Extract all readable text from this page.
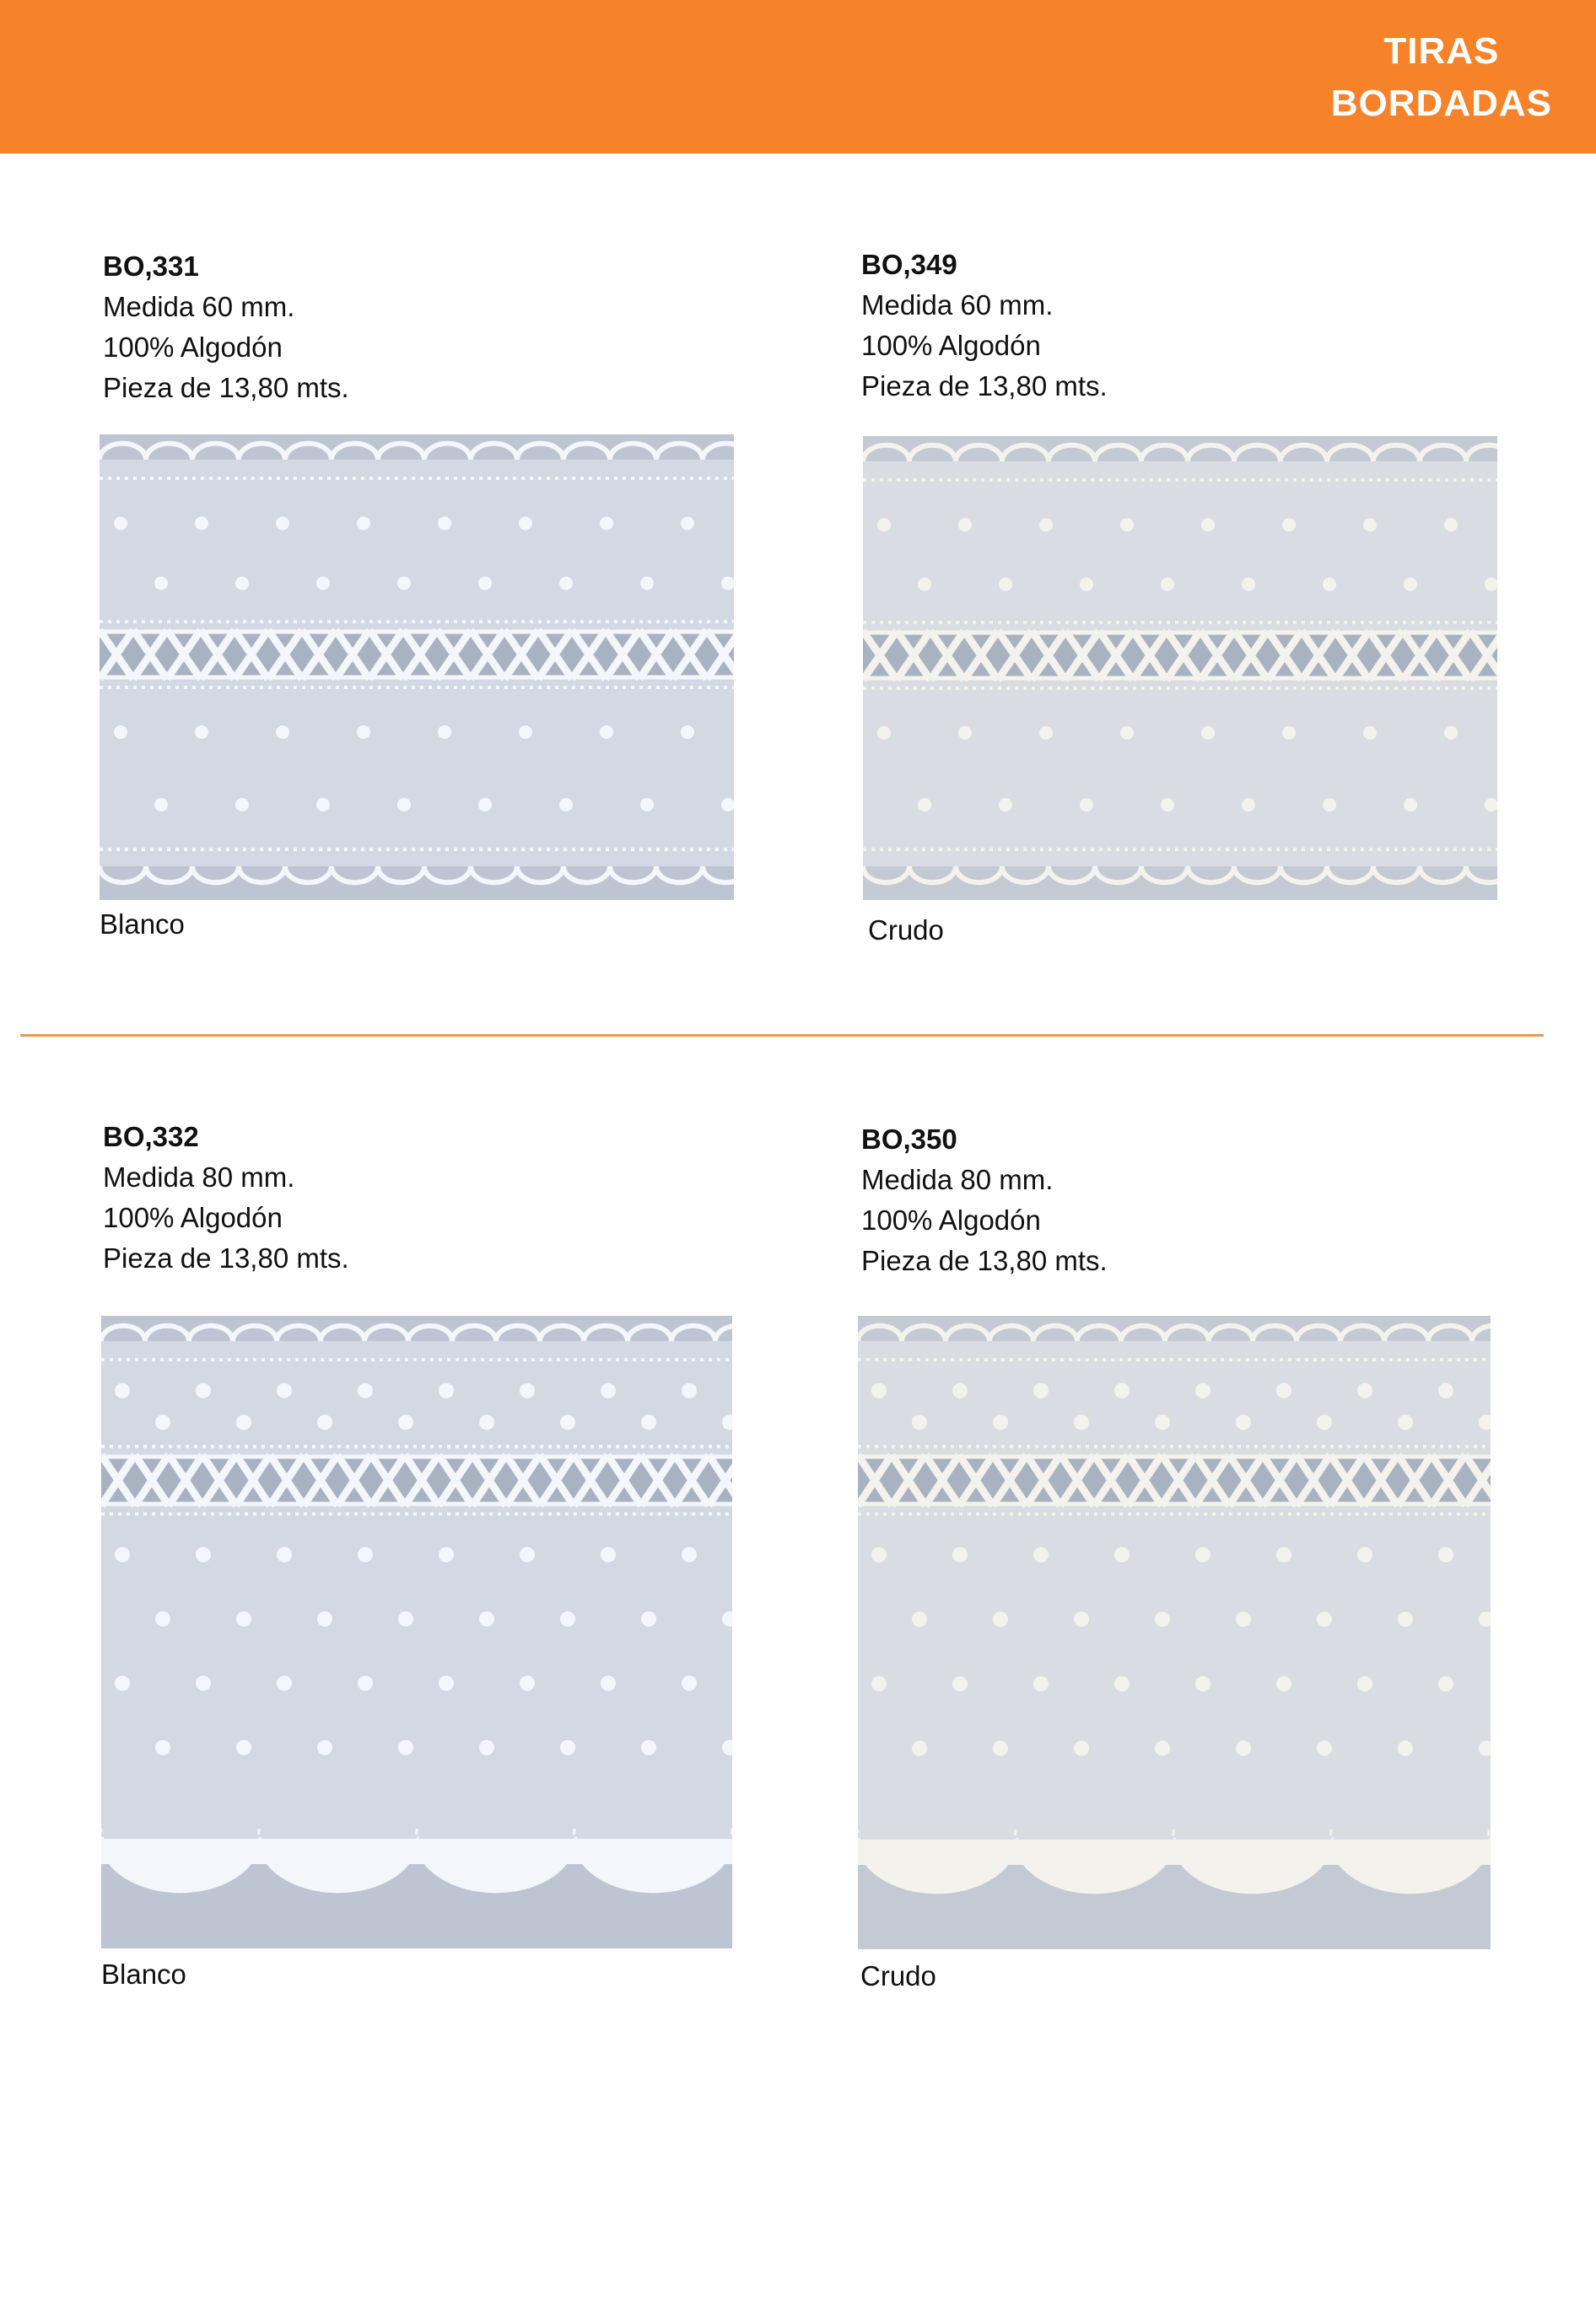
TIRAS
BORDADAS
BO,331
Medida 60 mm.
100% Algodón
Pieza de 13,80 mts.
Blanco
BO,349
Medida 60 mm.
100% Algodón
Pieza de 13,80 mts.
Crudo
BO,332
Medida 80 mm.
100% Algodón
Pieza de 13,80 mts.
Blanco
BO,350
Medida 80 mm.
100% Algodón
Pieza de 13,80 mts.
Crudo
